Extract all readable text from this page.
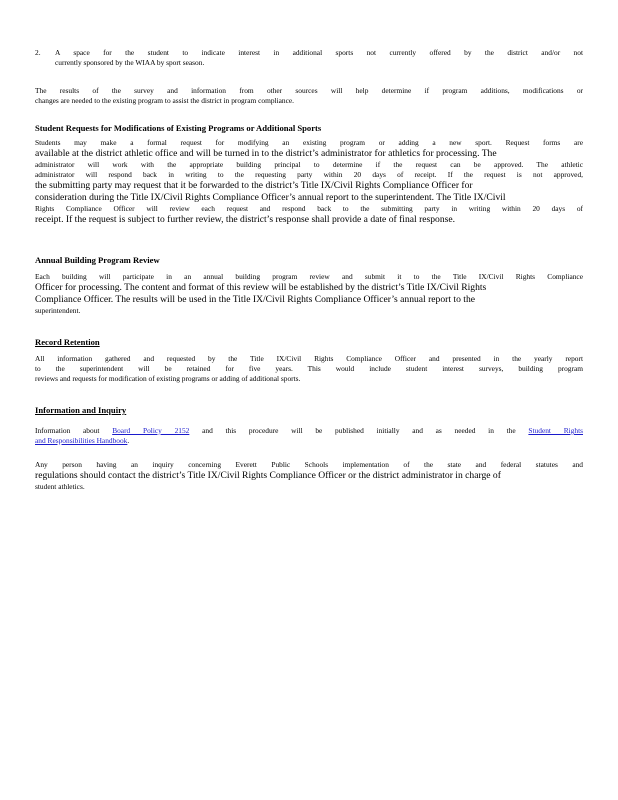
2. A space for the student to indicate interest in additional sports not currently offered by the district and/or not

currently sponsored by the WIAA by sport season.

The results of the survey and information from other sources will help determine if program additions, modifications or

changes are needed to the existing program to assist the district in program compliance.

Student Requests for Modifications of Existing Programs or Additional Sports

Students may make a formal request for modifying an existing program or adding a new sport. Request forms are

available at the district athletic office and will be turned in to the district’s administrator for athletics for processing. The

administrator will work with the appropriate building principal to determine if the request can be approved. The athletic

administrator will respond back in writing to the requesting party within 20 days of receipt. If the request is not approved,

the submitting party may request that it be forwarded to the district’s Title IX/Civil Rights Compliance Officer for

consideration during the Title IX/Civil Rights Compliance Officer’s annual report to the superintendent. The Title IX/Civil

Rights Compliance Officer will review each request and respond back to the submitting party in writing within 20 days of

receipt. If the request is subject to further review, the district’s response shall provide a date of final response.

Annual Building Program Review

Each building will participate in an annual building program review and submit it to the Title IX/Civil Rights Compliance

Officer for processing. The content and format of this review will be established by the district’s Title IX/Civil Rights

Compliance Officer. The results will be used in the Title IX/Civil Rights Compliance Officer’s annual report to the

superintendent.

Record Retention

All information gathered and requested by the Title IX/Civil Rights Compliance Officer and presented in the yearly report

to the superintendent will be retained for five years. This would include student interest surveys, building program

reviews and requests for modification of existing programs or adding of additional sports.

Information and Inquiry

Information about Board Policy 2152 and this procedure will be published initially and as needed in the Student Rights

and Responsibilities Handbook.

Any person having an inquiry concerning Everett Public Schools implementation of the state and federal statutes and

regulations should contact the district’s Title IX/Civil Rights Compliance Officer or the district administrator in charge of

student athletics.
